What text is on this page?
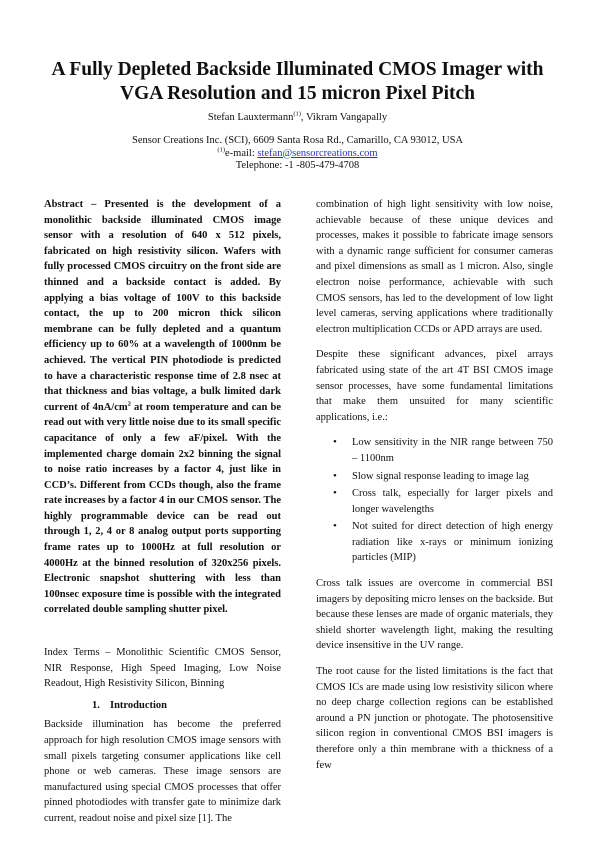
A Fully Depleted Backside Illuminated CMOS Imager with VGA Resolution and 15 micron Pixel Pitch
Stefan Lauxtermann$^{(1)}$, Vikram Vangapally
Sensor Creations Inc. (SCI), 6609 Santa Rosa Rd., Camarillo, CA 93012, USA
$^{(1)}$e-mail: stefan@sensorcreations.com
Telephone: -1 -805-479-4708

Abstract – Presented is the development of a monolithic backside illuminated CMOS image sensor with a resolution of 640 x 512 pixels, fabricated on high resistivity silicon. Wafers with fully processed CMOS circuitry on the front side are thinned and a backside contact is added. By applying a bias voltage of 100V to this backside contact, the up to 200 micron thick silicon membrane can be fully depleted and a quantum efficiency up to 60% at a wavelength of 1000nm be achieved. The vertical PIN photodiode is predicted to have a characteristic response time of 2.8 nsec at that thickness and bias voltage, a bulk limited dark current of $4nA/cm^2$ at room temperature and can be read out with very little noise due to its small specific capacitance of only a few aF/pixel. With the implemented charge domain 2x2 binning the signal to noise ratio increases by a factor 4, just like in CCD’s. Different from CCDs though, also the frame rate increases by a factor 4 in our CMOS sensor. The highly programmable device can be read out through 1, 2, 4 or 8 analog output ports supporting frame rates up to 1000Hz at full resolution or 4000Hz at the binned resolution of 320x256 pixels. Electronic snapshot shuttering with less than 100nsec exposure time is possible with the integrated correlated double sampling shutter pixel.

Index Terms – Monolithic Scientific CMOS Sensor, NIR Response, High Speed Imaging, Low Noise Readout, High Resistivity Silicon, Binning

1. Introduction

Backside illumination has become the preferred approach for high resolution CMOS image sensors with small pixels targeting consumer applications like cell phone or web cameras. These image sensors are manufactured using special CMOS processes that offer pinned photodiodes with transfer gate to minimize dark current, readout noise and pixel size [1]. The

combination of high light sensitivity with low noise, achievable because of these unique devices and processes, makes it possible to fabricate image sensors with a dynamic range sufficient for consumer cameras and pixel dimensions as small as 1 micron. Also, single electron noise performance, achievable with such CMOS sensors, has led to the development of low light level cameras, serving applications where traditionally electron multiplication CCDs or APD arrays are used.

Despite these significant advances, pixel arrays fabricated using state of the art 4T BSI CMOS image sensor processes, have some fundamental limitations that make them unsuited for many scientific applications, i.e.:

• Low sensitivity in the NIR range between 750 – 1100nm
• Slow signal response leading to image lag
• Cross talk, especially for larger pixels and longer wavelengths
• Not suited for direct detection of high energy radiation like x-rays or minimum ionizing particles (MIP)

Cross talk issues are overcome in commercial BSI imagers by depositing micro lenses on the backside. But because these lenses are made of organic materials, they shield shorter wavelength light, making the resulting device insensitive in the UV range.

The root cause for the listed limitations is the fact that CMOS ICs are made using low resistivity silicon where no deep charge collection regions can be established around a PN junction or photogate. The photosensitive silicon region in conventional CMOS BSI imagers is therefore only a thin membrane with a thickness of a few
